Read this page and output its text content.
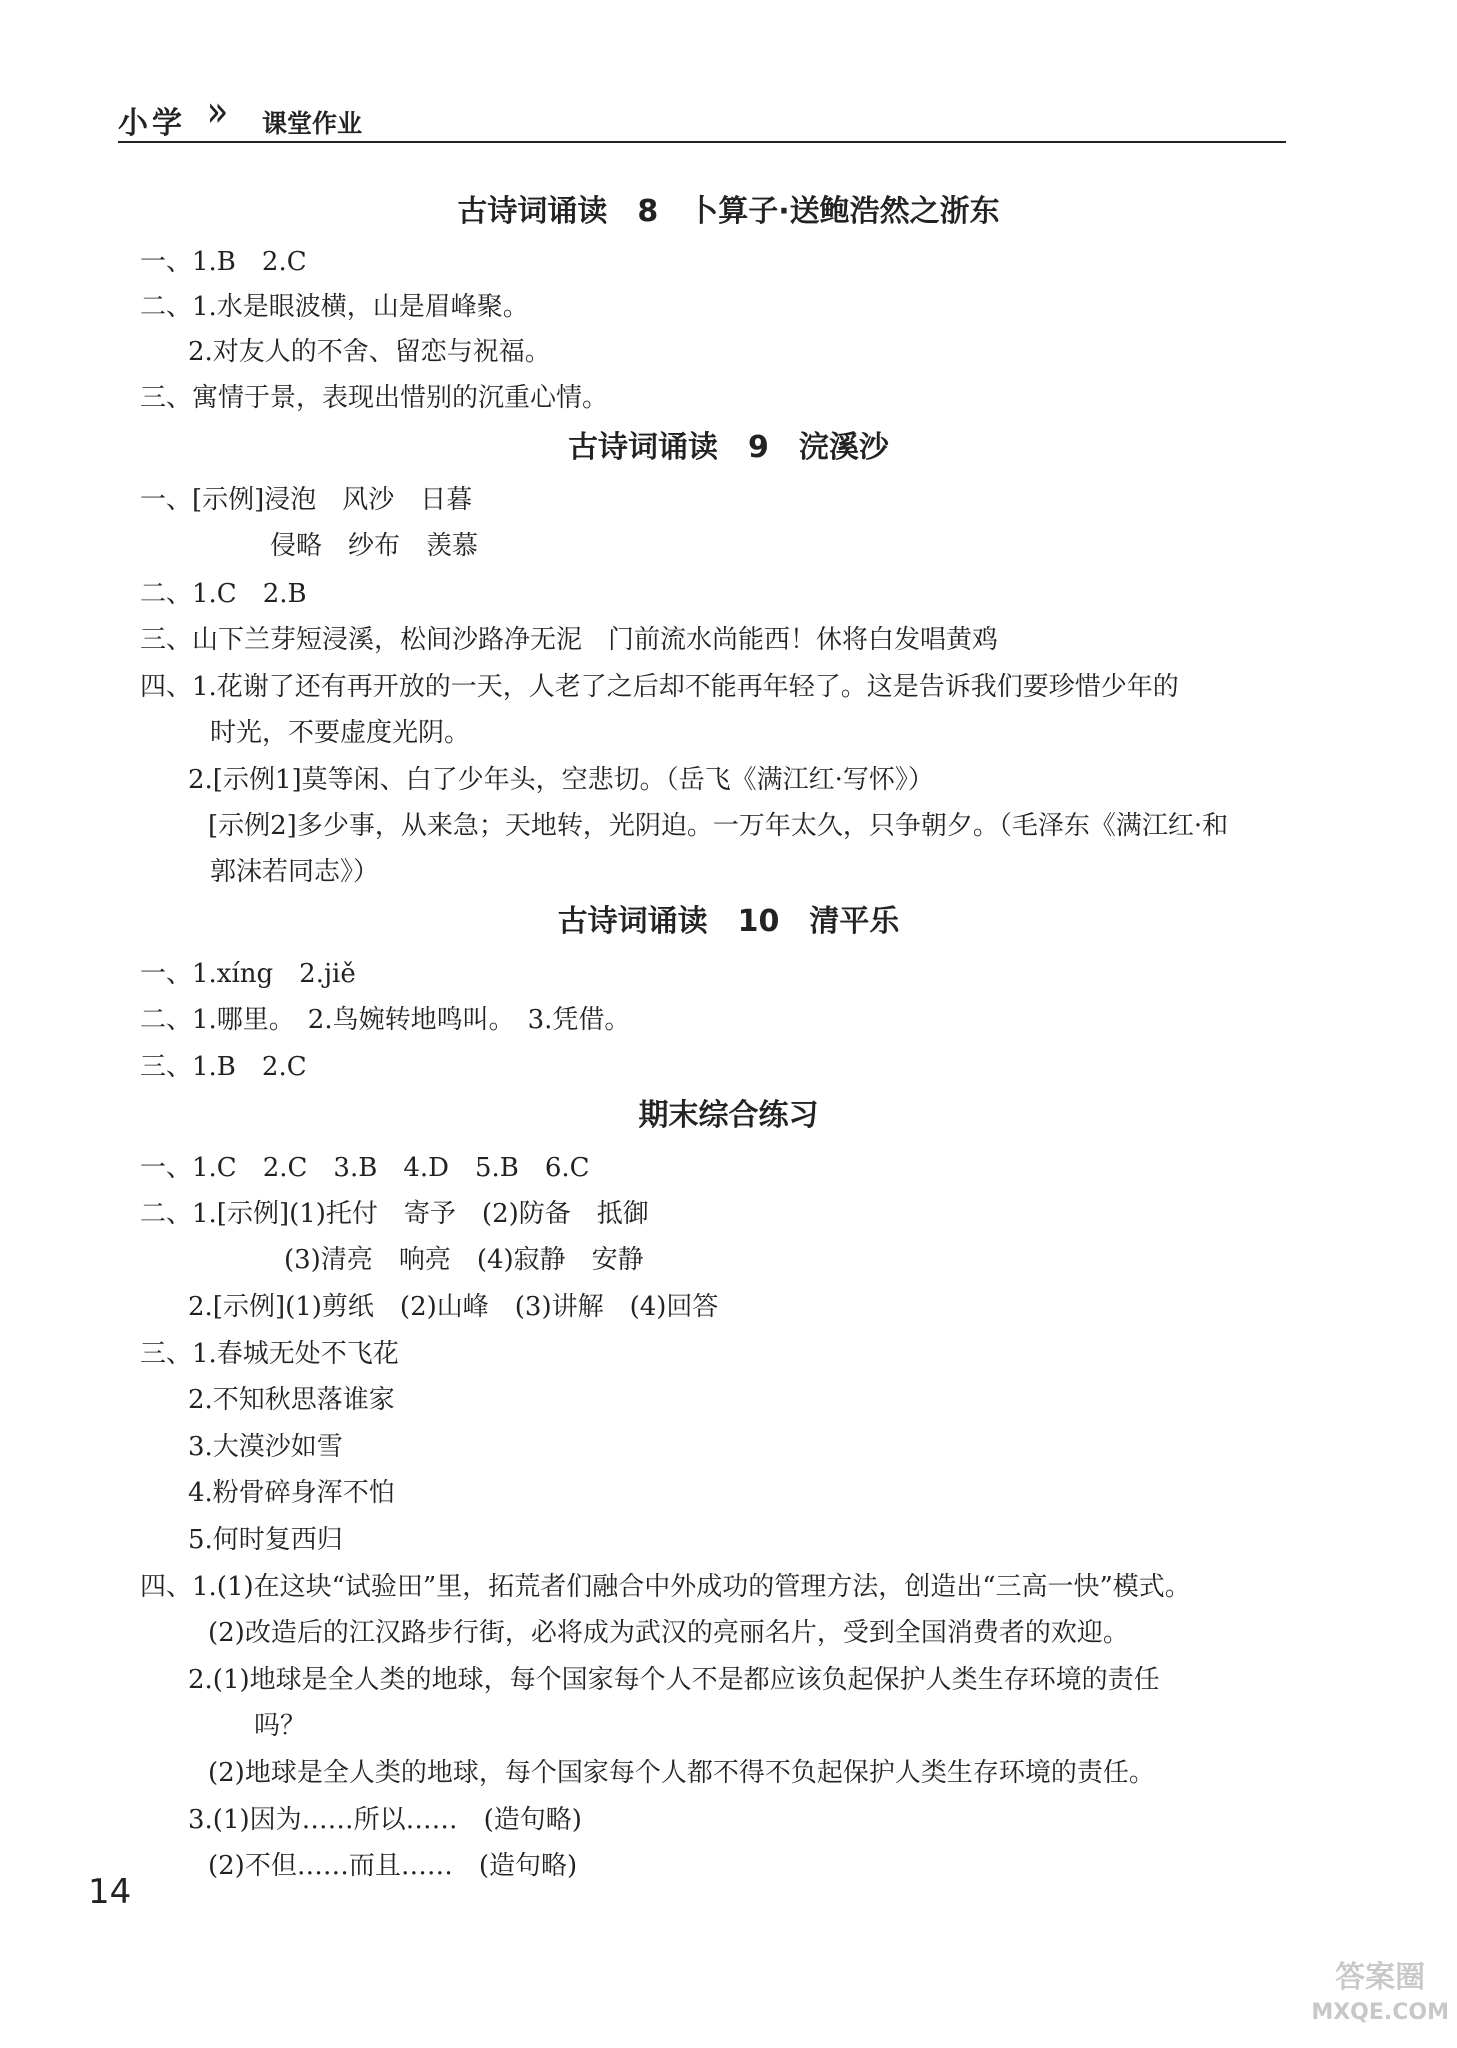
小学 » 课堂作业
古诗词诵读　8　卜算子·送鲍浩然之浙东
一、1.B　2.C
二、1.水是眼波横，山是眉峰聚。
2.对友人的不舍、留恋与祝福。
三、寓情于景，表现出惜别的沉重心情。
古诗词诵读　9　浣溪沙
一、[示例]浸泡　风沙　日暮
侵略　纱布　羡慕
二、1.C　2.B
三、山下兰芽短浸溪，松间沙路净无泥　门前流水尚能西！休将白发唱黄鸡
四、1.花谢了还有再开放的一天，人老了之后却不能再年轻了。这是告诉我们要珍惜少年的
时光，不要虚度光阴。
2.[示例1]莫等闲、白了少年头，空悲切。（岳飞《满江红·写怀》）
[示例2]多少事，从来急；天地转，光阴迫。一万年太久，只争朝夕。（毛泽东《满江红·和
郭沫若同志》）
古诗词诵读　10　清平乐
一、1.xíng　2.jiě
二、1.哪里。　2.鸟婉转地鸣叫。　3.凭借。
三、1.B　2.C
期末综合练习
一、1.C　2.C　3.B　4.D　5.B　6.C
二、1.[示例](1)托付　寄予　(2)防备　抵御
(3)清亮　响亮　(4)寂静　安静
2.[示例](1)剪纸　(2)山峰　(3)讲解　(4)回答
三、1.春城无处不飞花
2.不知秋思落谁家
3.大漠沙如雪
4.粉骨碎身浑不怕
5.何时复西归
四、1.(1)在这块“试验田”里，拓荒者们融合中外成功的管理方法，创造出“三高一快”模式。
(2)改造后的江汉路步行街，必将成为武汉的亮丽名片，受到全国消费者的欢迎。
2.(1)地球是全人类的地球，每个国家每个人不是都应该负起保护人类生存环境的责任
吗？
(2)地球是全人类的地球，每个国家每个人都不得不负起保护人类生存环境的责任。
3.(1)因为……所以……　(造句略)
(2)不但……而且……　(造句略)
14
答案圈
MXQE.COM
